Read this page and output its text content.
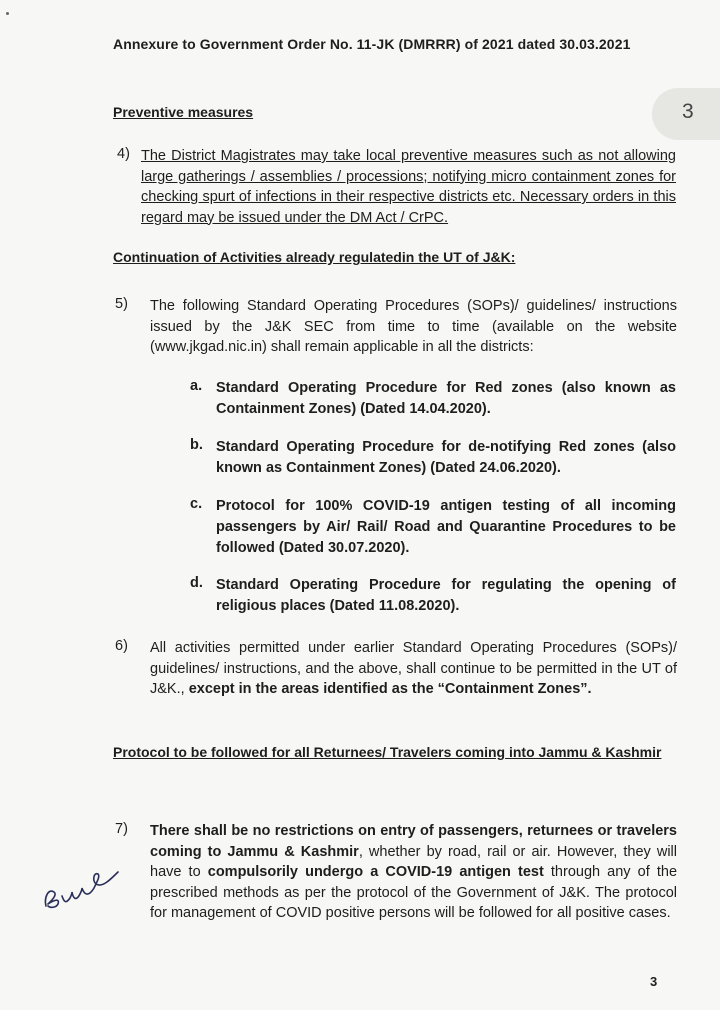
Annexure to Government Order No. 11-JK (DMRRR) of 2021 dated 30.03.2021
3
Preventive measures
4) The District Magistrates may take local preventive measures such as not allowing large gatherings / assemblies / processions; notifying micro containment zones for checking spurt of infections in their respective districts etc. Necessary orders in this regard may be issued under the DM Act / CrPC.
Continuation of Activities already regulatedin the UT of J&K:
5) The following Standard Operating Procedures (SOPs)/ guidelines/ instructions issued by the J&K SEC from time to time (available on the website (www.jkgad.nic.in) shall remain applicable in all the districts:
a. Standard Operating Procedure for Red zones (also known as Containment Zones) (Dated 14.04.2020).
b. Standard Operating Procedure for de-notifying Red zones (also known as Containment Zones) (Dated 24.06.2020).
c. Protocol for 100% COVID-19 antigen testing of all incoming passengers by Air/ Rail/ Road and Quarantine Procedures to be followed (Dated 30.07.2020).
d. Standard Operating Procedure for regulating the opening of religious places (Dated 11.08.2020).
6) All activities permitted under earlier Standard Operating Procedures (SOPs)/ guidelines/ instructions, and the above, shall continue to be permitted in the UT of J&K., except in the areas identified as the “Containment Zones”.
Protocol to be followed for all Returnees/ Travelers coming into Jammu & Kashmir
7) There shall be no restrictions on entry of passengers, returnees or travelers coming to Jammu & Kashmir, whether by road, rail or air. However, they will have to compulsorily undergo a COVID-19 antigen test through any of the prescribed methods as per the protocol of the Government of J&K. The protocol for management of COVID positive persons will be followed for all positive cases.
3
